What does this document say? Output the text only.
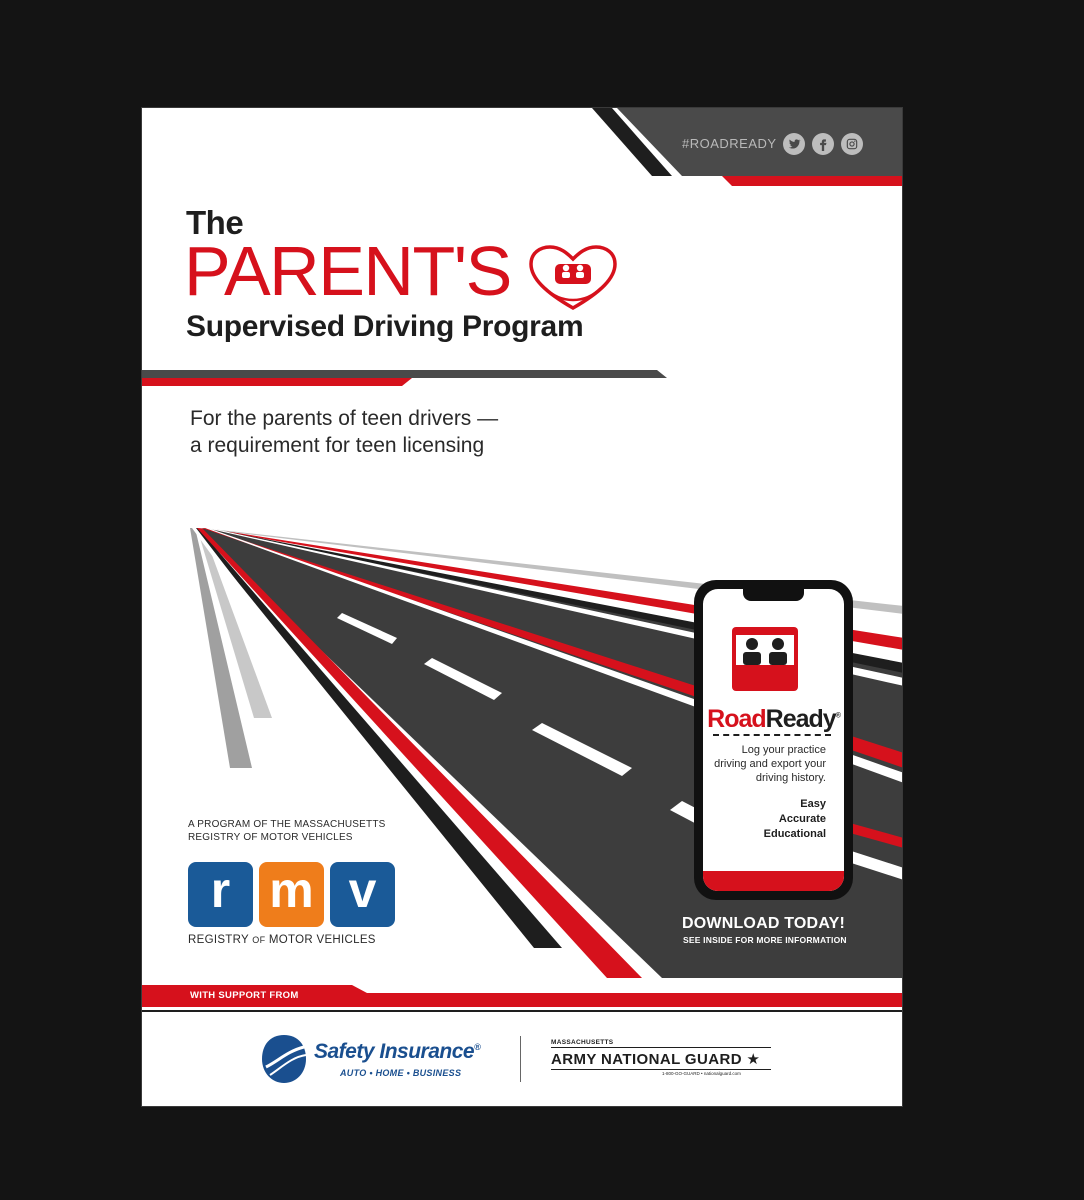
#ROADREADY
The
PARENT'S
Supervised Driving Program
For the parents of teen drivers —
a requirement for teen licensing
A PROGRAM OF THE MASSACHUSETTS
REGISTRY OF MOTOR VEHICLES
r m v
REGISTRY OF MOTOR VEHICLES
RoadReady®
Log your practice
driving and export your
driving history.
Easy
Accurate
Educational
DOWNLOAD TODAY!
SEE INSIDE FOR MORE INFORMATION
WITH SUPPORT FROM
Safety Insurance®
AUTO • HOME • BUSINESS
MASSACHUSETTS
ARMY NATIONAL GUARD ★
1-800-GO-GUARD • nationalguard.com
